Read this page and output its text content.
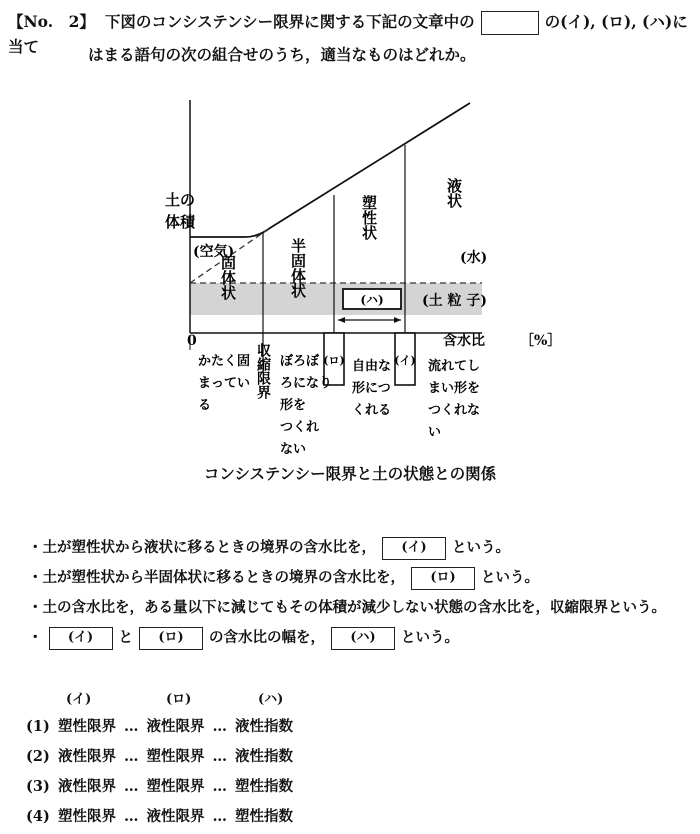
【No.　2】 下図のコンシステンシー限界に関する下記の文章中の	の(イ), (ロ), (ハ)に当て	はまる語句の次の組合せのうち，適当なものはどれか。
(ハ)
(ロ)	(イ)
土の
体積
(空気)	(水)
(土 粒 子)
0	含水比	［%］
固体状	半固体状
塑性状
液状
収縮限界
かたく固
まってい
る
ぼろぼ
ろになり
形を
つくれ
ない
自由な
形につ
くれる
流れてし
まい形を
つくれな
い
コンシステンシー限界と土の状態との関係
・土が塑性状から液状に移るときの境界の含水比を， (イ) という。
・土が塑性状から半固体状に移るときの境界の含水比を， (ロ) という。
・土の含水比を，ある量以下に減じてもその体積が減少しない状態の含水比を，収縮限界という。
・ (イ) と (ロ) の含水比の幅を， (ハ) という。
(イ)	(ロ)	(ハ)
(1) 塑性限界 … 液性限界 … 液性指数
(2) 液性限界 … 塑性限界 … 液性指数
(3) 液性限界 … 塑性限界 … 塑性指数
(4) 塑性限界 … 液性限界 … 塑性指数
